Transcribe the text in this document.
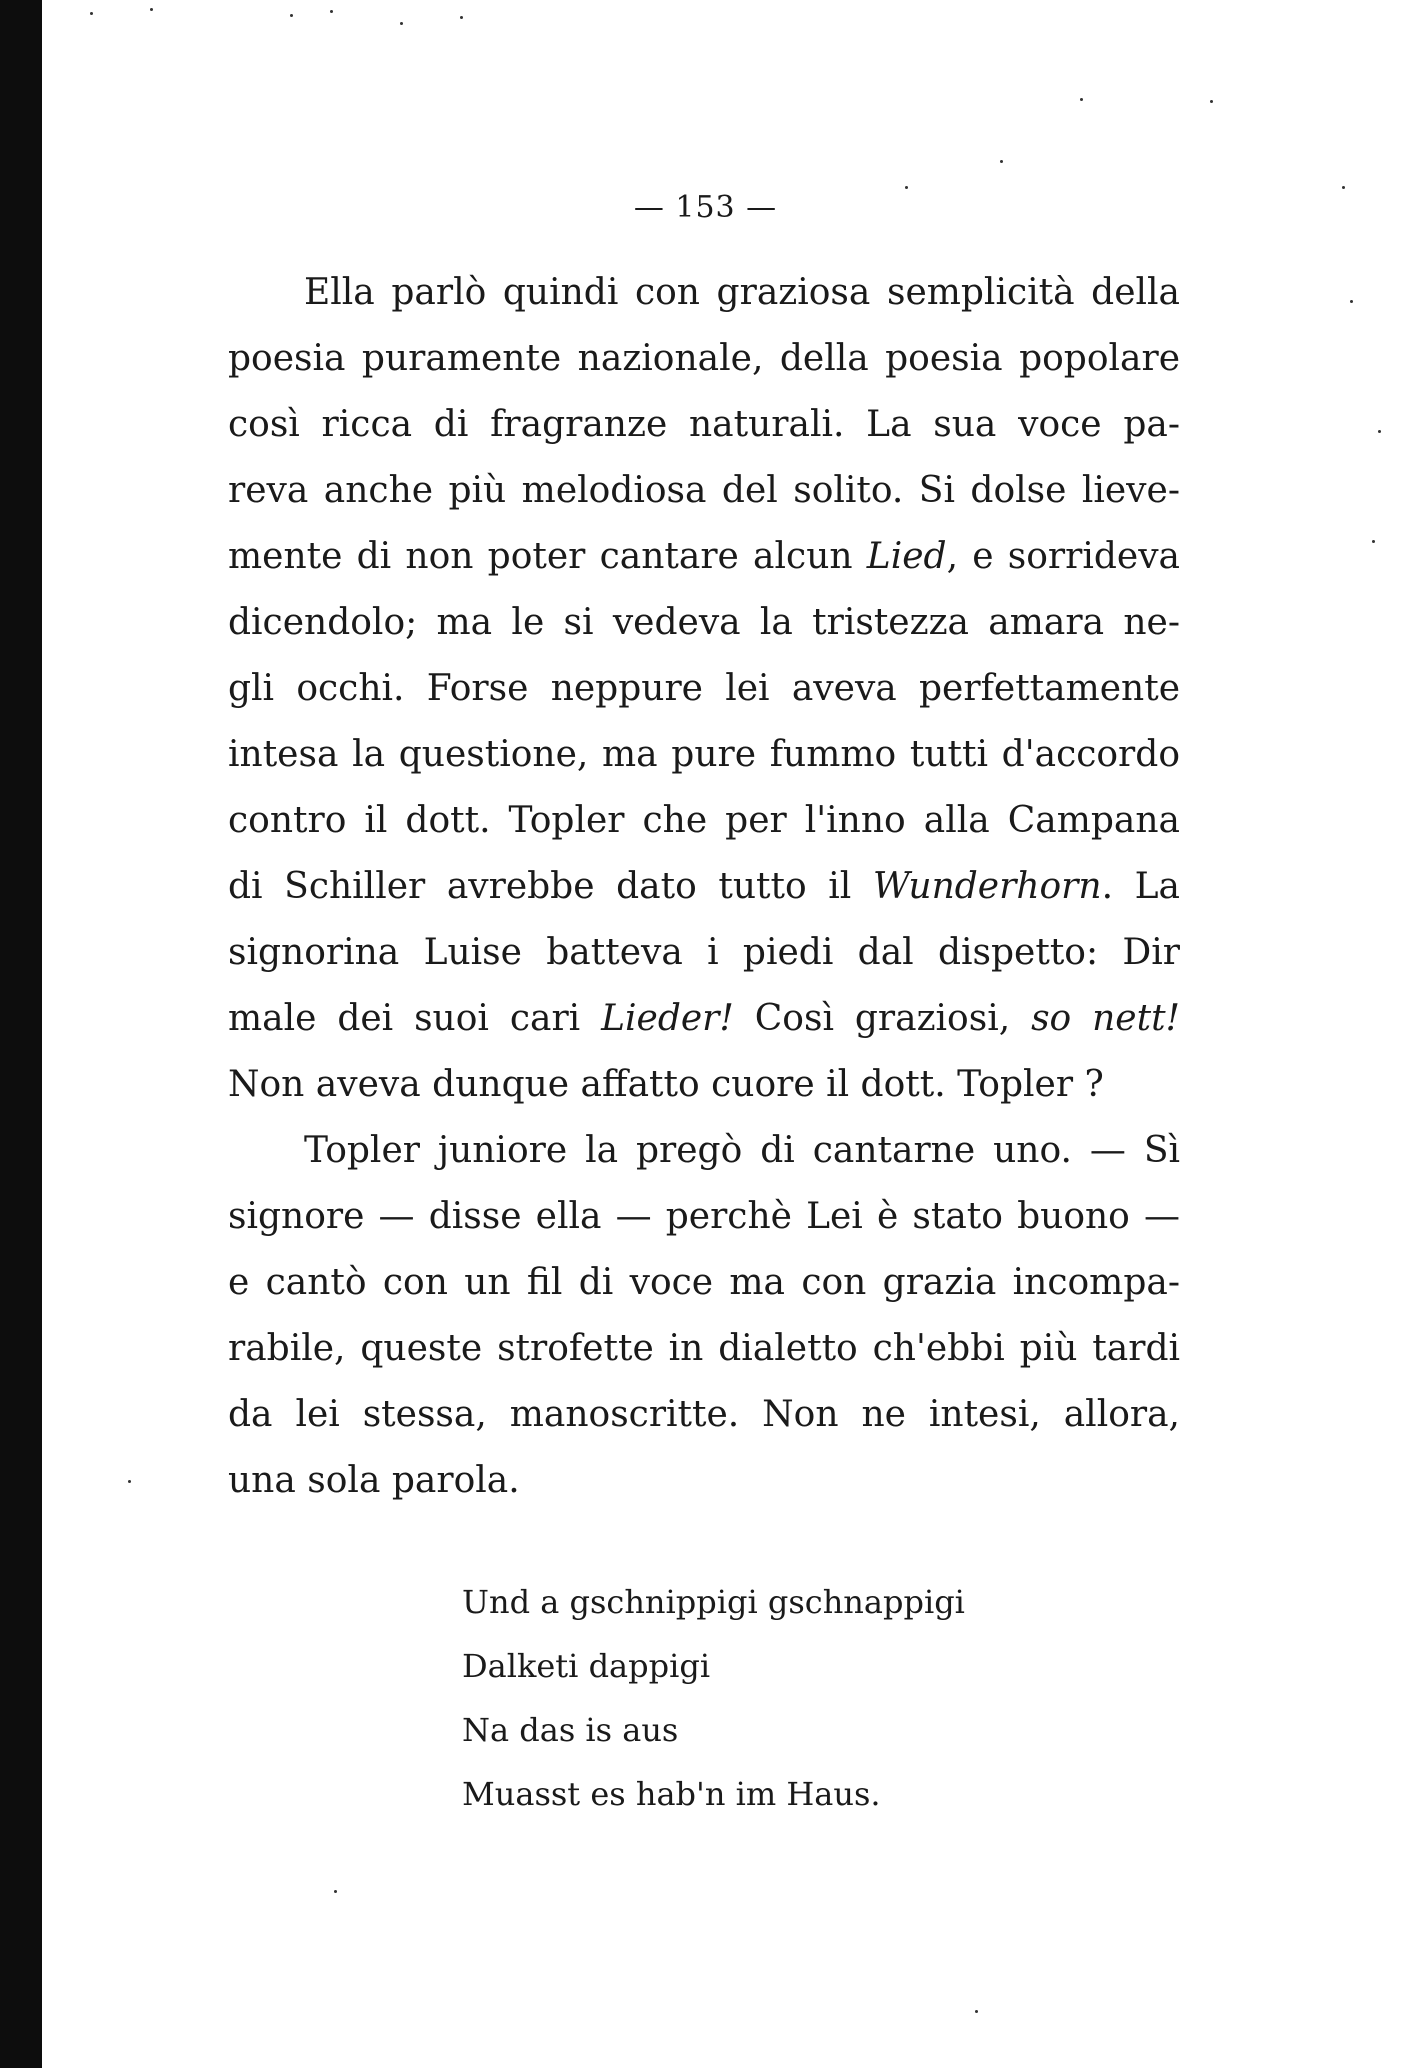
— 153 —
Ella parlò quindi con graziosa semplicità della
poesia puramente nazionale, della poesia popolare
così ricca di fragranze naturali. La sua voce pa-
reva anche più melodiosa del solito. Si dolse lieve-
mente di non poter cantare alcun Lied, e sorrideva
dicendolo; ma le si vedeva la tristezza amara ne-
gli occhi. Forse neppure lei aveva perfettamente
intesa la questione, ma pure fummo tutti d'accordo
contro il dott. Topler che per l'inno alla Campana
di Schiller avrebbe dato tutto il Wunderhorn. La
signorina Luise batteva i piedi dal dispetto: Dir
male dei suoi cari Lieder! Così graziosi, so nett!
Non aveva dunque affatto cuore il dott. Topler ?
Topler juniore la pregò di cantarne uno. — Sì
signore — disse ella — perchè Lei è stato buono —
e cantò con un fil di voce ma con grazia incompa-
rabile, queste strofette in dialetto ch'ebbi più tardi
da lei stessa, manoscritte. Non ne intesi, allora,
una sola parola.
Und a gschnippigi gschnappigi
Dalketi dappigi
Na das is aus
Muasst es hab'n im Haus.
